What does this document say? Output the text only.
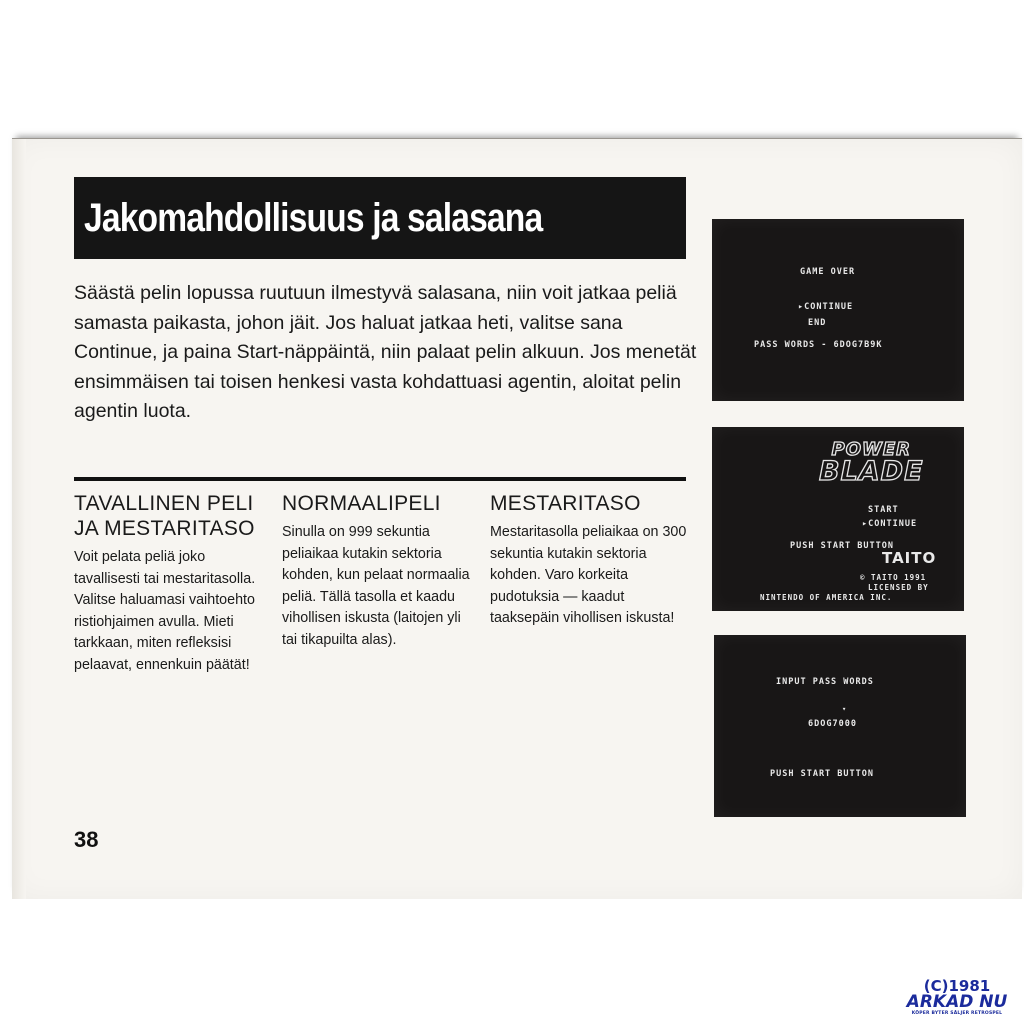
Jakomahdollisuus ja salasana

Säästä pelin lopussa ruutuun ilmestyvä salasana, niin voit jatkaa peliä samasta paikasta, johon jäit. Jos haluat jatkaa heti, valitse sana Continue, ja paina Start-näppäintä, niin palaat pelin alkuun. Jos menetät ensimmäisen tai toisen henkesi vasta kohdattuasi agentin, aloitat pelin agentin luota.

TAVALLINEN PELI JA MESTARITASO

Voit pelata peliä joko tavallisesti tai mestaritasolla. Valitse haluamasi vaihtoehto ristiohjaimen avulla. Mieti tarkkaan, miten refleksisi pelaavat, ennenkuin päätät!

NORMAALIPELI

Sinulla on 999 sekuntia peliaikaa kutakin sektoria kohden, kun pelaat normaalia peliä. Tällä tasolla et kaadu vihollisen iskusta (laitojen yli tai tikapuilta alas).

MESTARITASO

Mestaritasolla peliaikaa on 300 sekuntia kutakin sektoria kohden. Varo korkeita pudotuksia — kaadut taaksepäin vihollisen iskusta!

38
GAME OVER
▸CONTINUE
END
PASS WORDS - 6DOG7B9K
POWER
BLADE
START
▸CONTINUE
PUSH START BUTTON
TAITO
© TAITO 1991
LICENSED BY
NINTENDO OF AMERICA INC.
INPUT PASS WORDS
▾
6DOG7000
PUSH START BUTTON
(C)1981
ARKAD NU
KÖPER BYTER SÄLJER RETROSPEL
